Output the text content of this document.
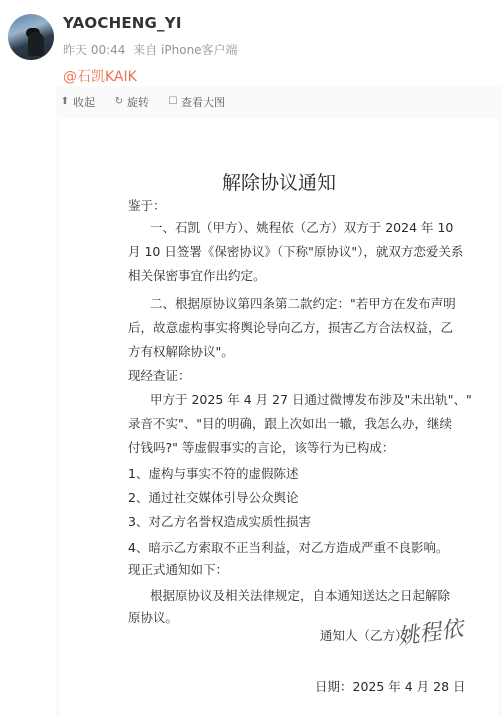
YAOCHENG_YI
昨天 00:44 来自 iPhone客户端
@石凯KAIK
⬆ 收起 ↻ 旋转 ☐ 查看大图
解除协议通知
鉴于：
一、石凯（甲方）、姚程依（乙方）双方于 2024 年 10
月 10 日签署《保密协议》（下称"原协议"），就双方恋爱关系
相关保密事宜作出约定。
二、根据原协议第四条第二款约定："若甲方在发布声明
后，故意虚构事实将舆论导向乙方，损害乙方合法权益，乙
方有权解除协议"。
现经查证：
甲方于 2025 年 4 月 27 日通过微博发布涉及"未出轨"、"
录音不实"、"目的明确，跟上次如出一辙，我怎么办，继续
付钱吗?" 等虚假事实的言论，该等行为已构成：
1、虚构与事实不符的虚假陈述
2、通过社交媒体引导公众舆论
3、对乙方名誉权造成实质性损害
4、暗示乙方索取不正当利益，对乙方造成严重不良影响。
现正式通知如下：
根据原协议及相关法律规定，自本通知送达之日起解除
原协议。
通知人（乙方）：
姚程依
日期：2025 年 4 月 28 日
